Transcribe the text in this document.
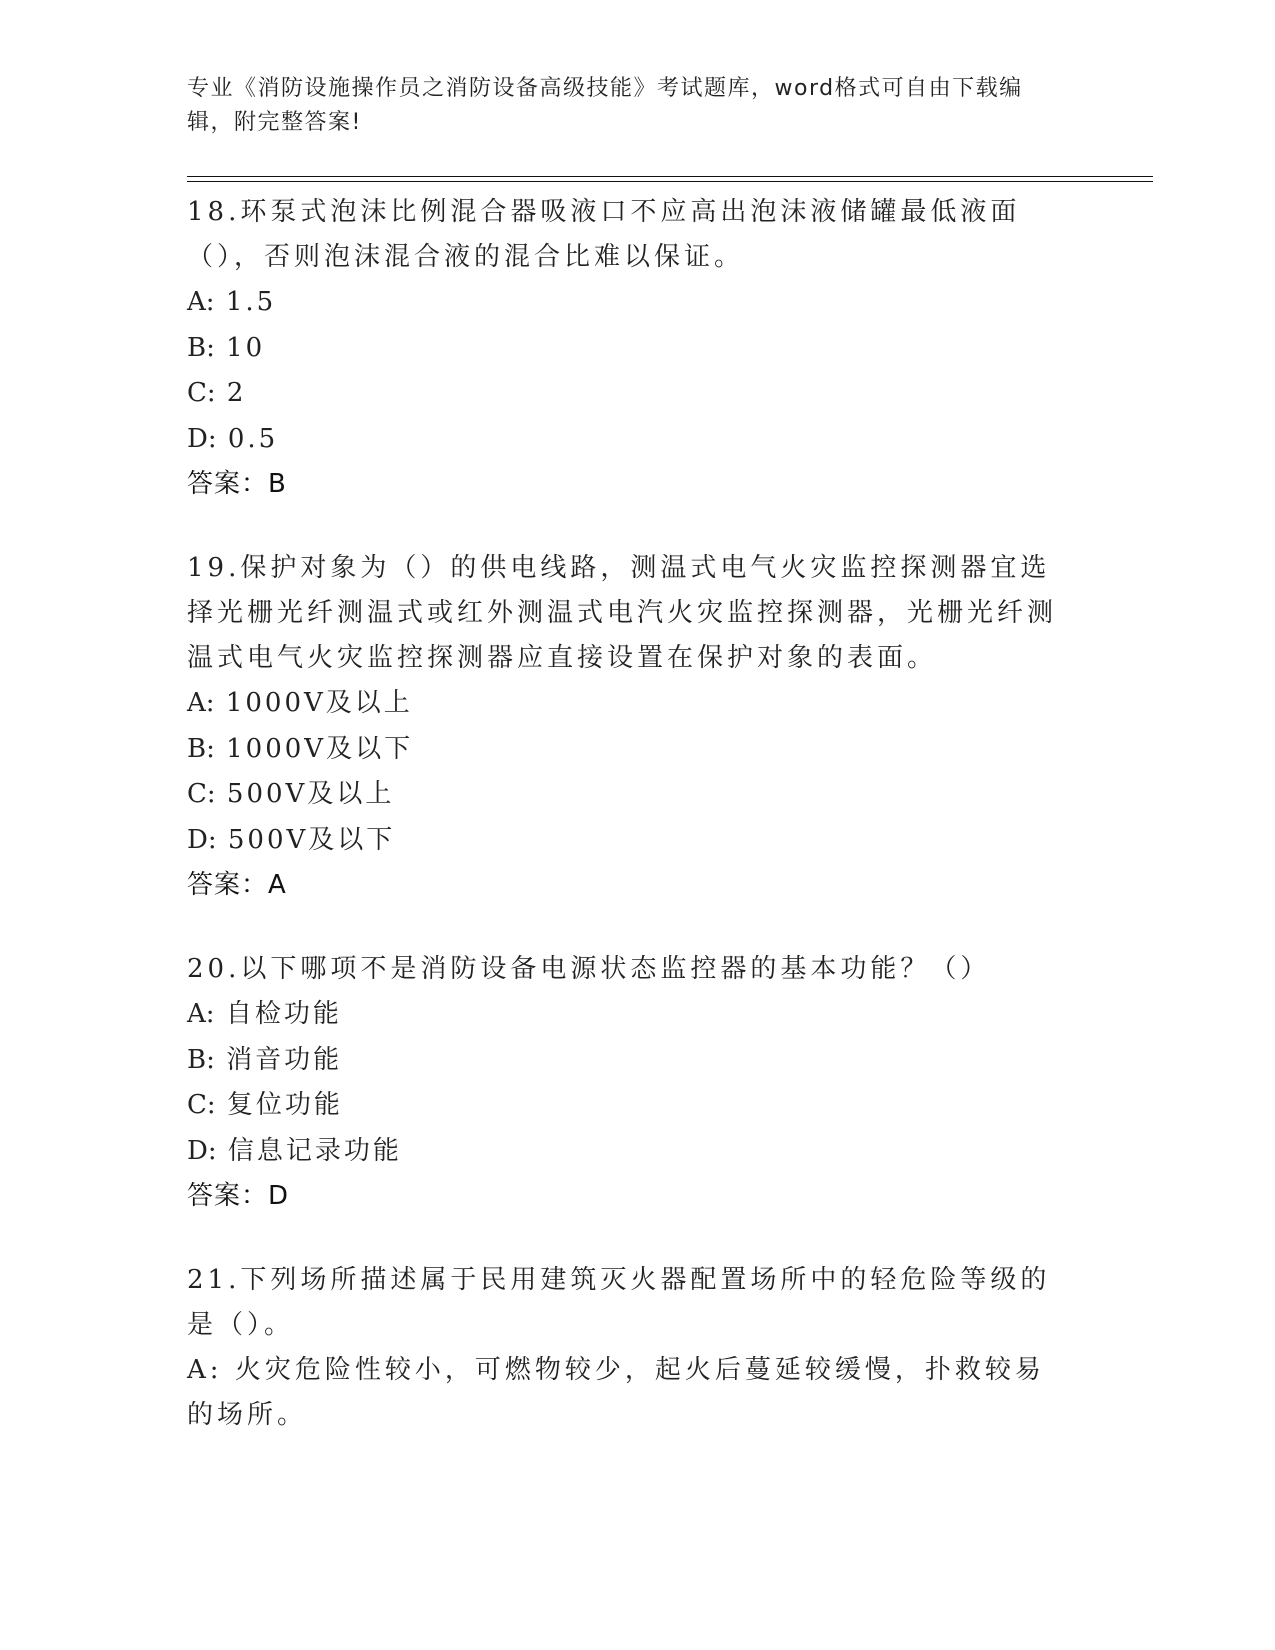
专业《消防设施操作员之消防设备高级技能》考试题库，word格式可自由下载编辑，附完整答案!
18.环泵式泡沫比例混合器吸液口不应高出泡沫液储罐最低液面（），否则泡沫混合液的混合比难以保证。
A: 1.5
B: 10
C: 2
D: 0.5
答案：B
19.保护对象为（）的供电线路，测温式电气火灾监控探测器宜选择光栅光纤测温式或红外测温式电汽火灾监控探测器，光栅光纤测温式电气火灾监控探测器应直接设置在保护对象的表面。
A: 1000V及以上
B: 1000V及以下
C: 500V及以上
D: 500V及以下
答案：A
20.以下哪项不是消防设备电源状态监控器的基本功能？（）
A: 自检功能
B: 消音功能
C: 复位功能
D: 信息记录功能
答案：D
21.下列场所描述属于民用建筑灭火器配置场所中的轻危险等级的是（）。
A: 火灾危险性较小，可燃物较少，起火后蔓延较缓慢，扑救较易的场所。
